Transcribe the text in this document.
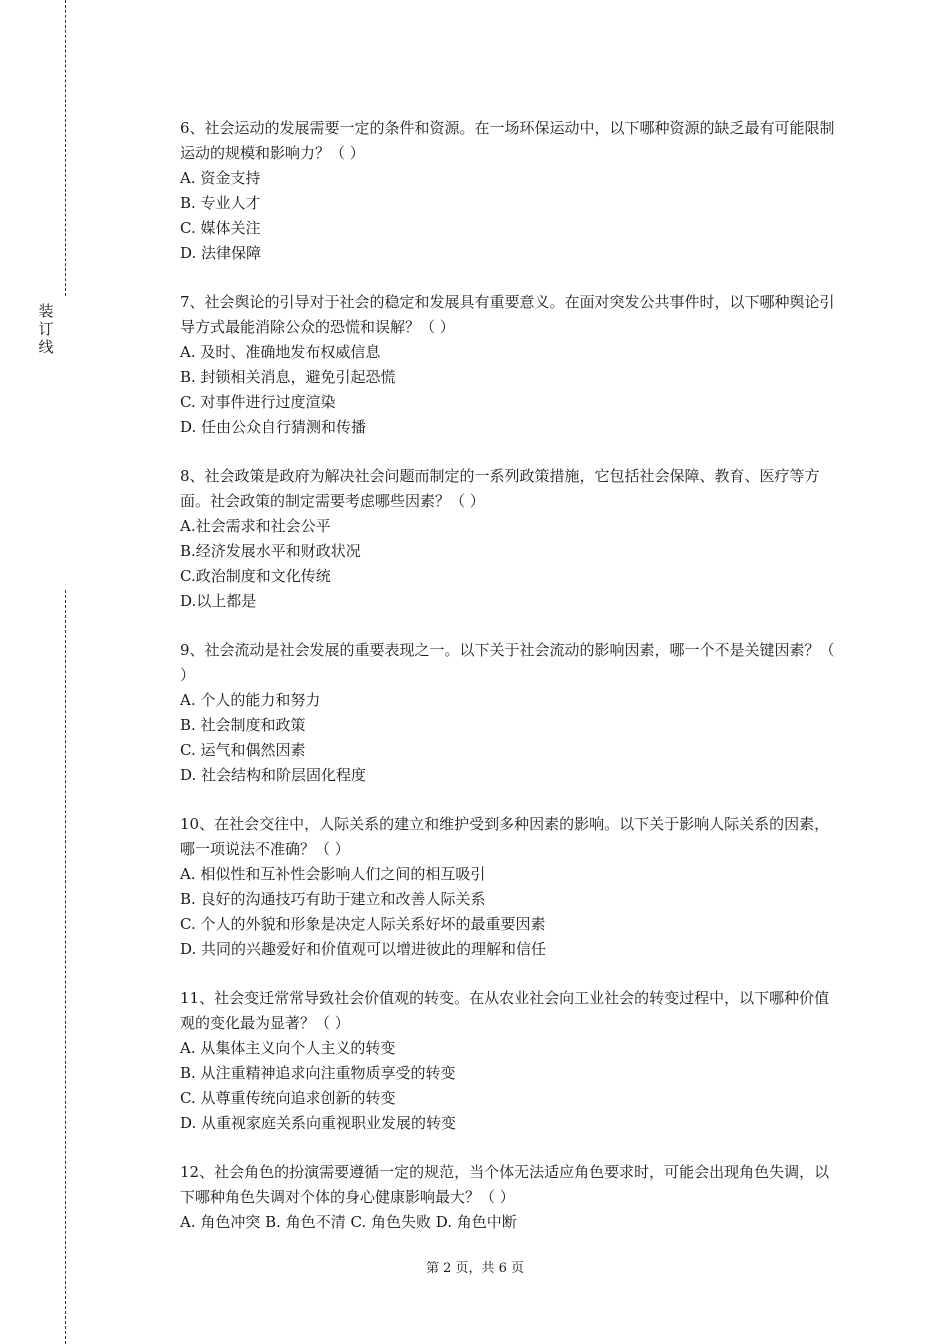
装
订
线

6、社会运动的发展需要一定的条件和资源。在一场环保运动中，以下哪种资源的缺乏最有可能限制运动的规模和影响力？（ ）

A. 资金支持

B. 专业人才

C. 媒体关注

D. 法律保障

7、社会舆论的引导对于社会的稳定和发展具有重要意义。在面对突发公共事件时，以下哪种舆论引导方式最能消除公众的恐慌和误解？（ ）

A. 及时、准确地发布权威信息

B. 封锁相关消息，避免引起恐慌

C. 对事件进行过度渲染

D. 任由公众自行猜测和传播

8、社会政策是政府为解决社会问题而制定的一系列政策措施，它包括社会保障、教育、医疗等方面。社会政策的制定需要考虑哪些因素？（ ）

A.社会需求和社会公平

B.经济发展水平和财政状况

C.政治制度和文化传统

D.以上都是

9、社会流动是社会发展的重要表现之一。以下关于社会流动的影响因素，哪一个不是关键因素？（ ）

A. 个人的能力和努力

B. 社会制度和政策

C. 运气和偶然因素

D. 社会结构和阶层固化程度

10、在社会交往中，人际关系的建立和维护受到多种因素的影响。以下关于影响人际关系的因素，哪一项说法不准确？（ ）

A. 相似性和互补性会影响人们之间的相互吸引

B. 良好的沟通技巧有助于建立和改善人际关系

C. 个人的外貌和形象是决定人际关系好坏的最重要因素

D. 共同的兴趣爱好和价值观可以增进彼此的理解和信任

11、社会变迁常常导致社会价值观的转变。在从农业社会向工业社会的转变过程中，以下哪种价值观的变化最为显著？（ ）

A. 从集体主义向个人主义的转变

B. 从注重精神追求向注重物质享受的转变

C. 从尊重传统向追求创新的转变

D. 从重视家庭关系向重视职业发展的转变

12、社会角色的扮演需要遵循一定的规范，当个体无法适应角色要求时，可能会出现角色失调，以下哪种角色失调对个体的身心健康影响最大？（ ）

A. 角色冲突 B. 角色不清 C. 角色失败 D. 角色中断

第 2 页，共 6 页
